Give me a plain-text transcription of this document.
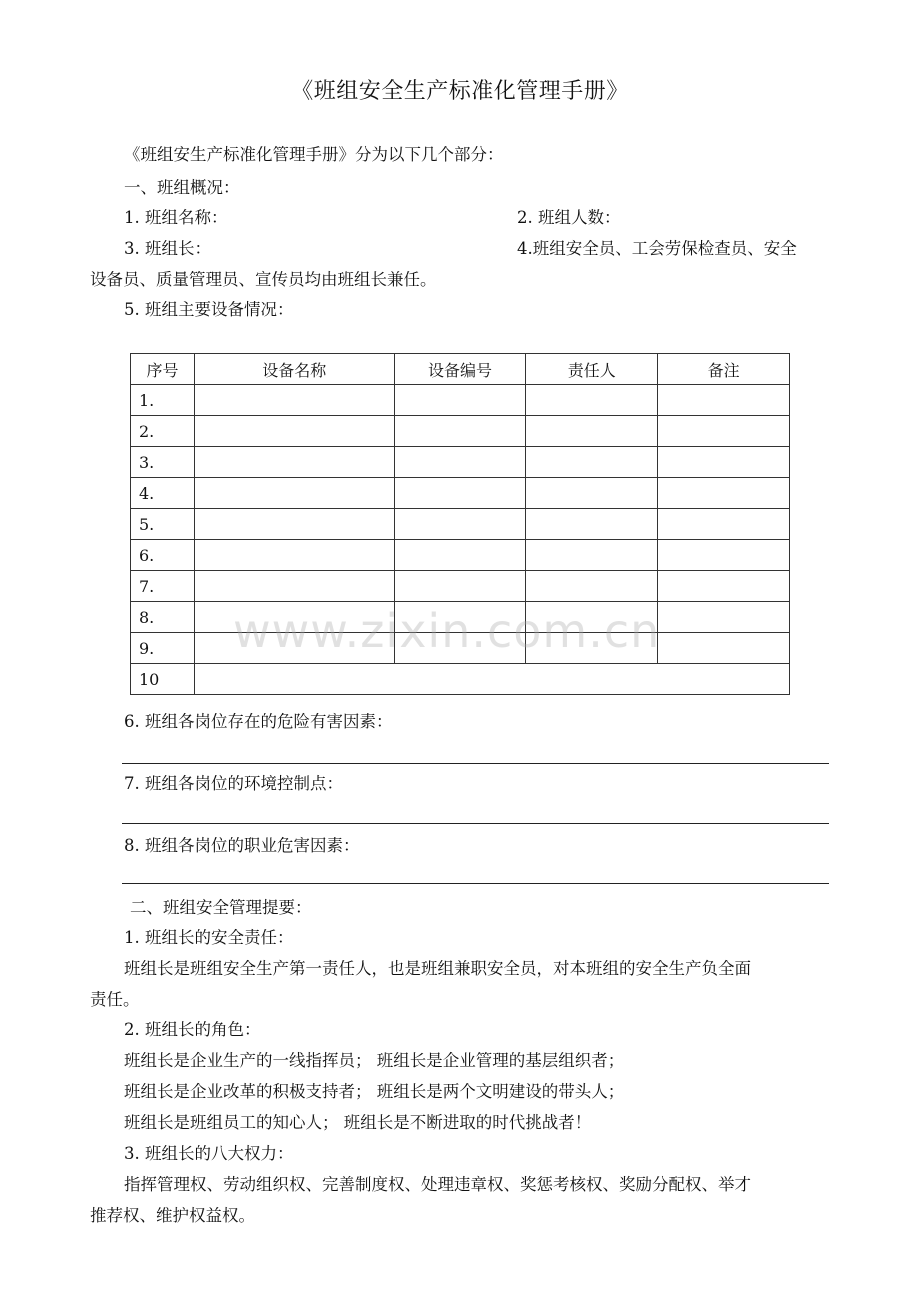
《班组安全生产标准化管理手册》
《班组安生产标准化管理手册》分为以下几个部分：
一、班组概况：
1. 班组名称：	2. 班组人数：
3. 班组长：	4.班组安全员、工会劳保检查员、安全
设备员、质量管理员、宣传员均由班组长兼任。
5. 班组主要设备情况：
序号	设备名称	设备编号	责任人	备注
1.				
2.				
3.				
4.				
5.				
6.				
7.				
8.				
9.				
10				
6. 班组各岗位存在的危险有害因素：
7. 班组各岗位的环境控制点：
8. 班组各岗位的职业危害因素：
二、班组安全管理提要：
1. 班组长的安全责任：
班组长是班组安全生产第一责任人，也是班组兼职安全员，对本班组的安全生产负全面
责任。
2. 班组长的角色：
班组长是企业生产的一线指挥员； 班组长是企业管理的基层组织者；
班组长是企业改革的积极支持者； 班组长是两个文明建设的带头人；
班组长是班组员工的知心人； 班组长是不断进取的时代挑战者！
3. 班组长的八大权力：
指挥管理权、劳动组织权、完善制度权、处理违章权、奖惩考核权、奖励分配权、举才
推荐权、维护权益权。
www.zixin.com.cn
